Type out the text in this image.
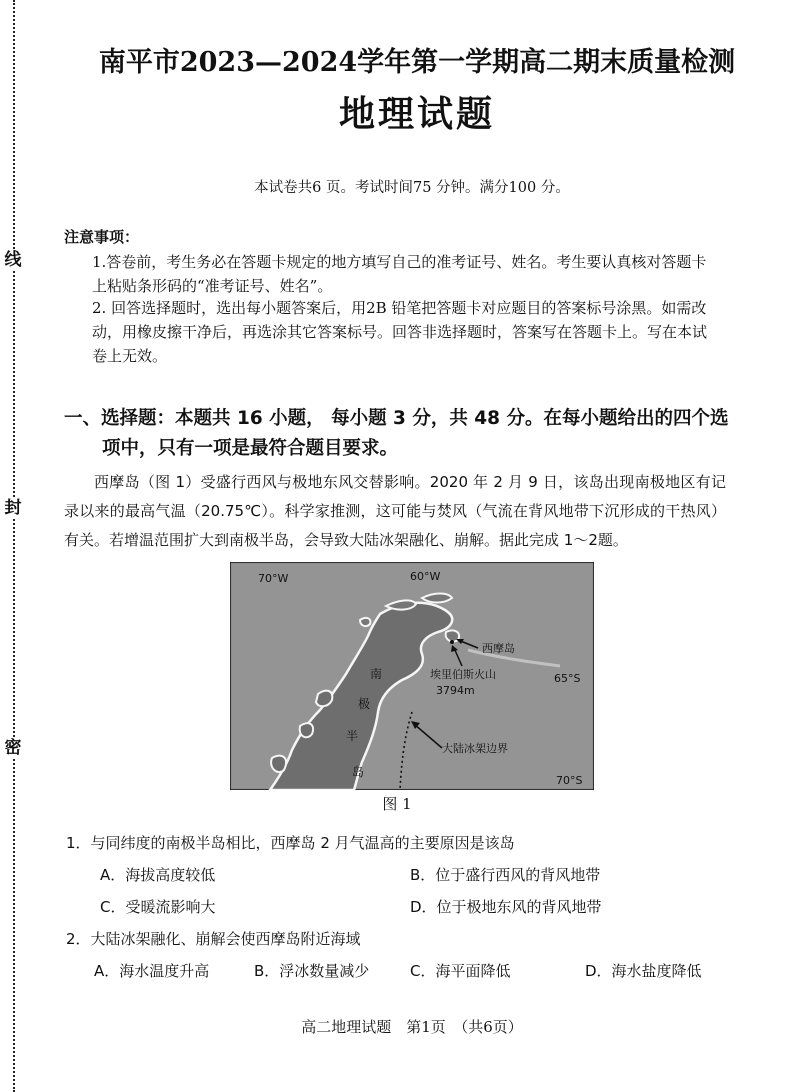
线
封
密
南平市2023—2024学年第一学期高二期末质量检测
地理试题
本试卷共6 页。考试时间75 分钟。满分100 分。
注意事项：
1.答卷前，考生务必在答题卡规定的地方填写自己的准考证号、姓名。考生要认真核对答题卡上粘贴条形码的“准考证号、姓名”。
2. 回答选择题时，选出每小题答案后，用2B 铅笔把答题卡对应题目的答案标号涂黑。如需改动，用橡皮擦干净后，再选涂其它答案标号。回答非选择题时，答案写在答题卡上。写在本试卷上无效。
一、选择题：本题共 16 小题， 每小题 3 分，共 48 分。在每小题给出的四个选
项中，只有一项是最符合题目要求。
西摩岛（图 1）受盛行西风与极地东风交替影响。2020 年 2 月 9 日，该岛出现南极地区有记录以来的最高气温（20.75℃）。科学家推测，这可能与焚风（气流在背风地带下沉形成的干热风）有关。若增温范围扩大到南极半岛，会导致大陆冰架融化、崩解。据此完成 1～2题。
70°W	60°W
西摩岛
埃里伯斯火山
3794m
65°S
70°S
大陆冰架边界
南
极
半
岛
图 1
1．与同纬度的南极半岛相比，西摩岛 2 月气温高的主要原因是该岛
A．海拔高度较低	B．位于盛行西风的背风地带
C．受暖流影响大	D．位于极地东风的背风地带
2．大陆冰架融化、崩解会使西摩岛附近海域
A．海水温度升高	B．浮冰数量减少	C．海平面降低	D．海水盐度降低
高二地理试题　第1页　（共6页）
